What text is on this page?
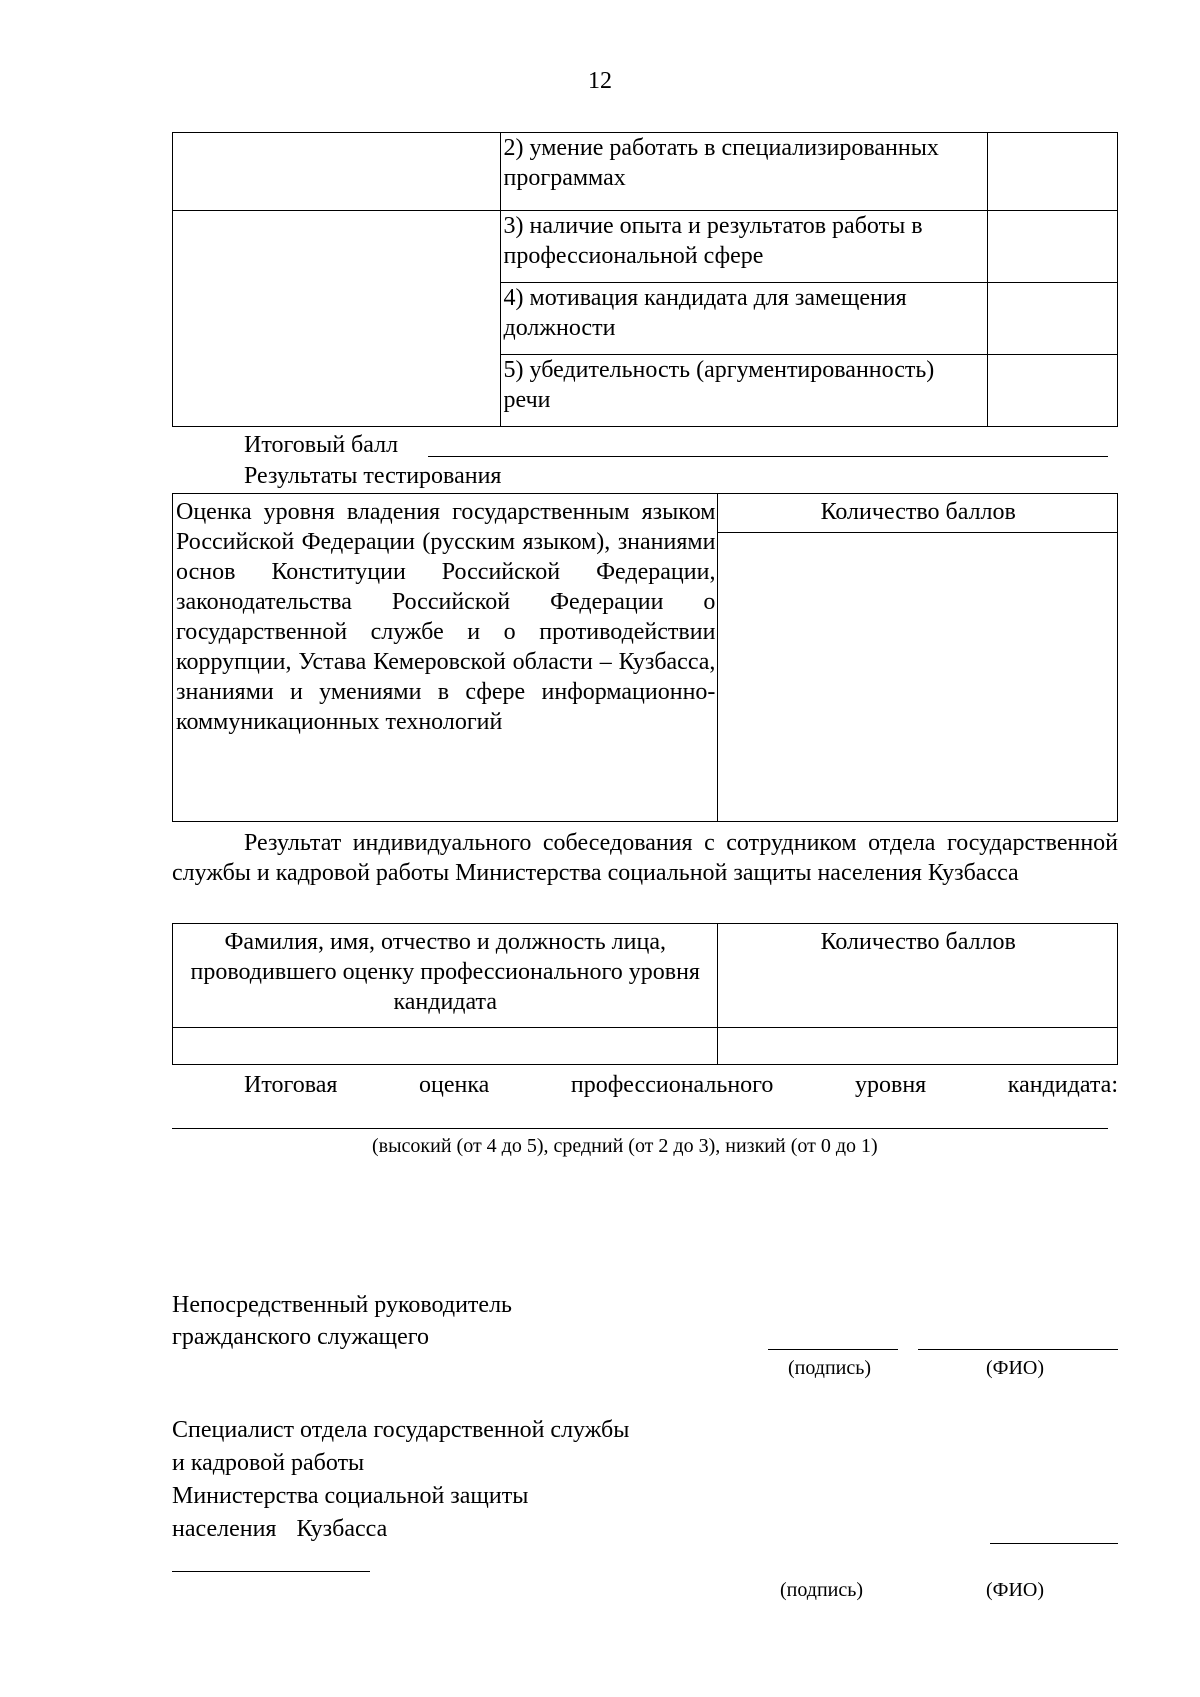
12
	2) умение работать в специализированных программах	
	3) наличие опыта и результатов работы в профессиональной сфере	
	4) мотивация кандидата для замещения должности	
	5) убедительность (аргументированность) речи	
Итоговый балл
Результаты тестирования
Оценка уровня владения государственным языком Российской Федерации (русским языком), знаниями основ Конституции Российской Федерации, законодательства Российской Федерации о государственной службе и о противодействии коррупции, Устава Кемеровской области – Кузбасса, знаниями и умениями в сфере информационно-коммуникационных технологий	Количество баллов

Результат индивидуального собеседования с сотрудником отдела государственной службы и кадровой работы Министерства социальной защиты населения Кузбасса
Фамилия, имя, отчество и должность лица, проводившего оценку профессионального уровня кандидата	Количество баллов

Итоговая оценка профессионального уровня кандидата:
(высокий (от 4 до 5), средний (от 2 до 3), низкий (от 0 до 1)
Непосредственный руководитель
гражданского служащего
(подпись)	(ФИО)
Специалист отдела государственной службы
и кадровой работы
Министерства социальной защиты
населения Кузбасса
(подпись)	(ФИО)
